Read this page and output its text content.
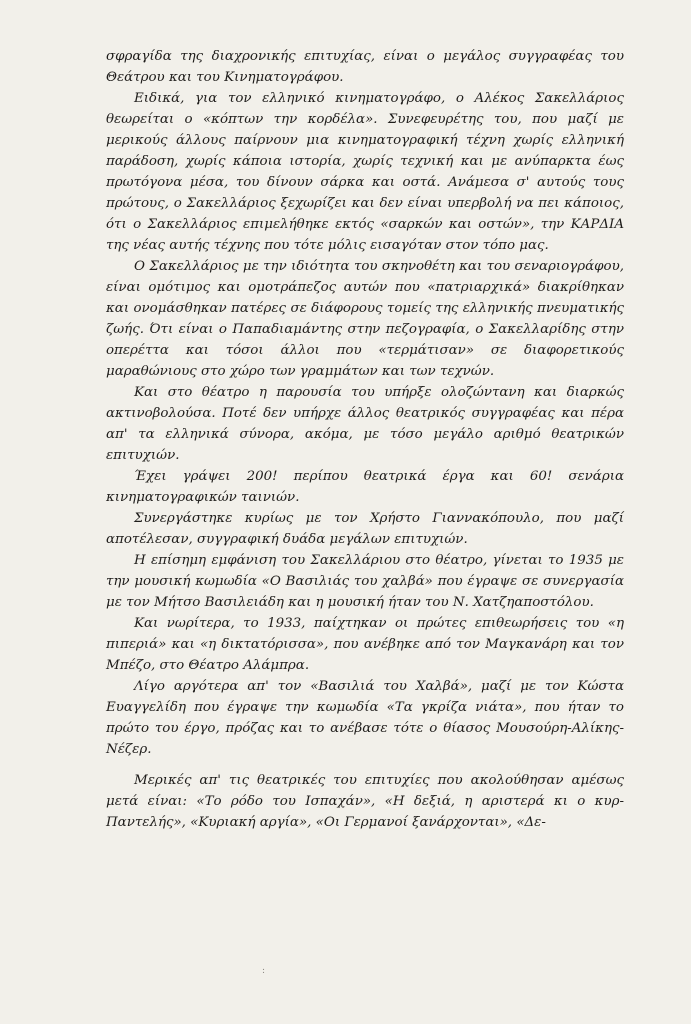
σφραγίδα της διαχρονικής επιτυχίας, είναι ο μεγάλος συγγραφέας του Θεάτρου και του Κινηματογράφου.

Ειδικά, για τον ελληνικό κινηματογράφο, ο Αλέκος Σακελλάριος θεωρείται ο «κόπτων την κορδέλα». Συνεφευρέτης του, που μαζί με μερικούς άλλους παίρνουν μια κινηματογραφική τέχνη χωρίς ελληνική παράδοση, χωρίς κάποια ιστορία, χωρίς τεχνική και με ανύπαρκτα έως πρωτόγονα μέσα, του δίνουν σάρκα και οστά. Ανάμεσα σ' αυτούς τους πρώτους, ο Σακελλάριος ξεχωρίζει και δεν είναι υπερβολή να πει κάποιος, ότι ο Σακελλάριος επιμελήθηκε εκτός «σαρκών και οστών», την ΚΑΡΔΙΑ της νέας αυτής τέχνης που τότε μόλις εισαγόταν στον τόπο μας.

Ο Σακελλάριος με την ιδιότητα του σκηνοθέτη και του σεναριογράφου, είναι ομότιμος και ομοτράπεζος αυτών που «πατριαρχικά» διακρίθηκαν και ονομάσθηκαν πατέρες σε διάφορους τομείς της ελληνικής πνευματικής ζωής. Ότι είναι ο Παπαδιαμάντης στην πεζογραφία, ο Σακελλαρίδης στην οπερέττα και τόσοι άλλοι που «τερμάτισαν» σε διαφορετικούς μαραθώνιους στο χώρο των γραμμάτων και των τεχνών.

Και στο θέατρο η παρουσία του υπήρξε ολοζώντανη και διαρκώς ακτινοβολούσα. Ποτέ δεν υπήρχε άλλος θεατρικός συγγραφέας και πέρα απ' τα ελληνικά σύνορα, ακόμα, με τόσο μεγάλο αριθμό θεατρικών επιτυχιών.

Έχει γράψει 200! περίπου θεατρικά έργα και 60! σενάρια κινηματογραφικών ταινιών.

Συνεργάστηκε κυρίως με τον Χρήστο Γιαννακόπουλο, που μαζί αποτέλεσαν, συγγραφική δυάδα μεγάλων επιτυχιών.

Η επίσημη εμφάνιση του Σακελλάριου στο θέατρο, γίνεται το 1935 με την μουσική κωμωδία «Ο Βασιλιάς του χαλβά» που έγραψε σε συνεργασία με τον Μήτσο Βασιλειάδη και η μουσική ήταν του Ν. Χατζηαποστόλου.

Και νωρίτερα, το 1933, παίχτηκαν οι πρώτες επιθεωρήσεις του «η πιπεριά» και «η δικτατόρισσα», που ανέβηκε από τον Μαγκανάρη και τον Μπέζο, στο Θέατρο Αλάμπρα.

Λίγο αργότερα απ' τον «Βασιλιά του Χαλβά», μαζί με τον Κώστα Ευαγγελίδη που έγραψε την κωμωδία «Τα γκρίζα νιάτα», που ήταν το πρώτο του έργο, πρόζας και το ανέβασε τότε ο θίασος Μουσούρη-Αλίκης-Νέζερ.

Μερικές απ' τις θεατρικές του επιτυχίες που ακολούθησαν αμέσως μετά είναι: «Το ρόδο του Ισπαχάν», «Η δεξιά, η αριστερά κι ο κυρ-Παντελής», «Κυριακή αργία», «Οι Γερμανοί ξανάρχονται», «Δε-

:
